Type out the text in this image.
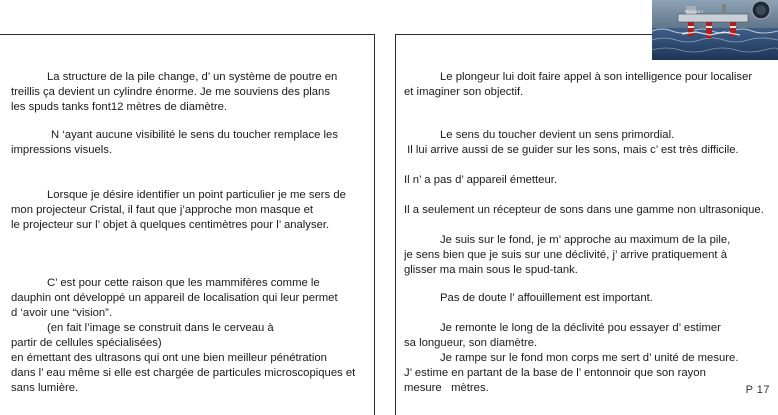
La structure de la pile change, d’ un système de poutre en
treillis ça devient un cylindre énorme. Je me souviens des plans
les spuds tanks font12 mètres de diamètre.

N ‘ayant aucune visibilité le sens du toucher remplace les
impressions visuels.

Lorsque je désire identifier un point particulier je me sers de
mon projecteur Cristal, il faut que j’approche mon masque et
le projecteur sur l’ objet à quelques centimètres pour l’ analyser.

C’ est pour cette raison que les mammifères comme le
dauphin ont développé un appareil de localisation qui leur permet
d ‘avoir une “vision”.
(en fait l’image se construit dans le cerveau à
partir de cellules spécialisées)
en émettant des ultrasons qui ont une bien meilleur pénétration
dans l’ eau même si elle est chargée de particules microscopiques et
sans lumière.

Le plongeur lui doit faire appel à son intelligence pour localiser
et imaginer son objectif.

Le sens du toucher devient un sens primordial.
Il lui arrive aussi de se guider sur les sons, mais c’ est très difficile.

Il n’ a pas d’ appareil émetteur.

Il a seulement un récepteur de sons dans une gamme non ultrasonique.

Je suis sur le fond, je m’ approche au maximum de la pile,
je sens bien que je suis sur une déclivité, j’ arrive pratiquement à
glisser ma main sous le spud-tank.

Pas de doute l’ affouillement est important.

Je remonte le long de la déclivité pou essayer d’ estimer
sa longueur, son diamètre.
Je rampe sur le fond mon corps me sert d’ unité de mesure.
J’ estime en partant de la base de l’ entonnoir que son rayon
mesure   mètres.

Neptune I
P 17
